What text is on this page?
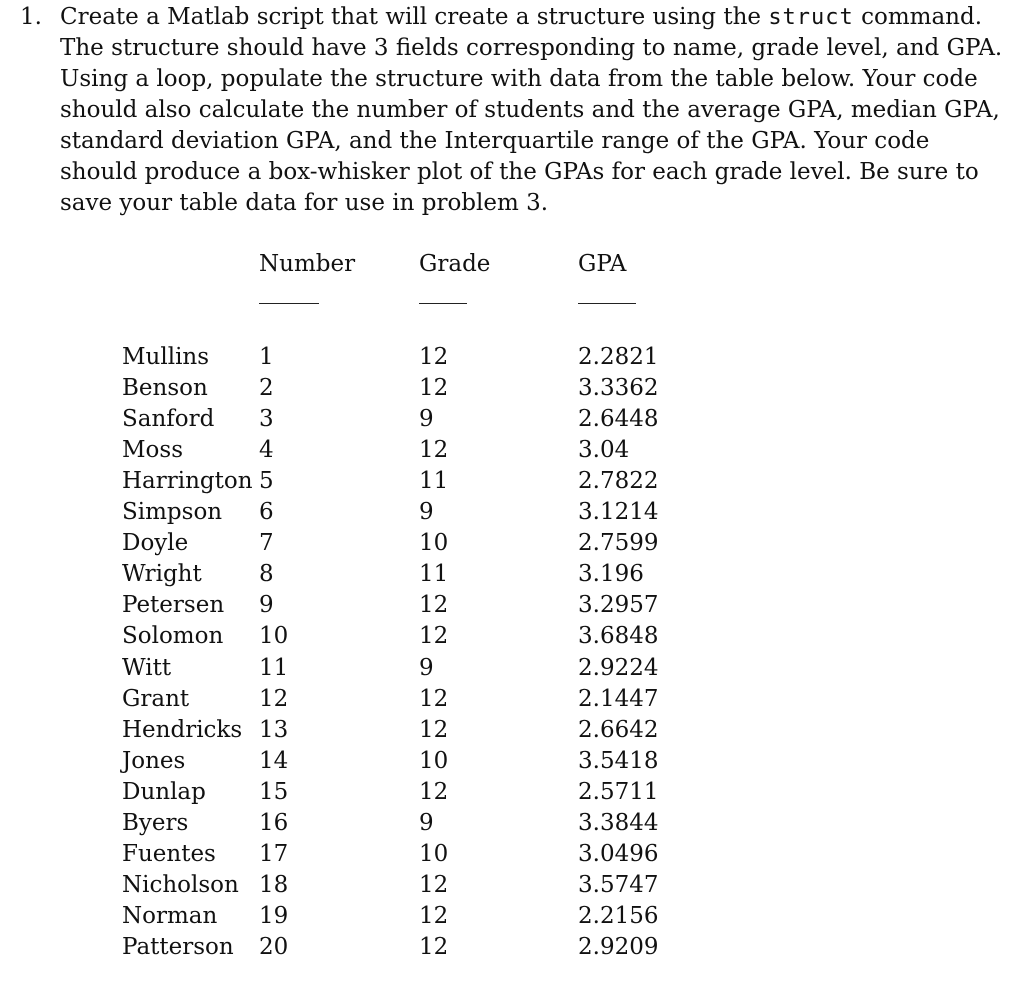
1. Create a Matlab script that will create a structure using the struct command.
The structure should have 3 fields corresponding to name, grade level, and GPA.
Using a loop, populate the structure with data from the table below. Your code
should also calculate the number of students and the average GPA, median GPA,
standard deviation GPA, and the Interquartile range of the GPA. Your code
should produce a box-whisker plot of the GPAs for each grade level. Be sure to
save your table data for use in problem 3.
Number	Grade	GPA
Mullins 1	12	2.2821
Benson 2	12	3.3362
Sanford 3	9	2.6448
Moss	4	12	3.04
Harrington 5	11	2.7822
Simpson 6	9	3.1214
Doyle	7	10	2.7599
Wright 8	11	3.196
Petersen 9	12	3.2957
Solomon 10	12	3.6848
Witt	11	9	2.9224
Grant	12	12	2.1447
Hendricks 13	12	2.6642
Jones	14	10	3.5418
Dunlap 15	12	2.5711
Byers	16	9	3.3844
Fuentes 17	10	3.0496
Nicholson 18	12	3.5747
Norman 19	12	2.2156
Patterson 20	12	2.9209
